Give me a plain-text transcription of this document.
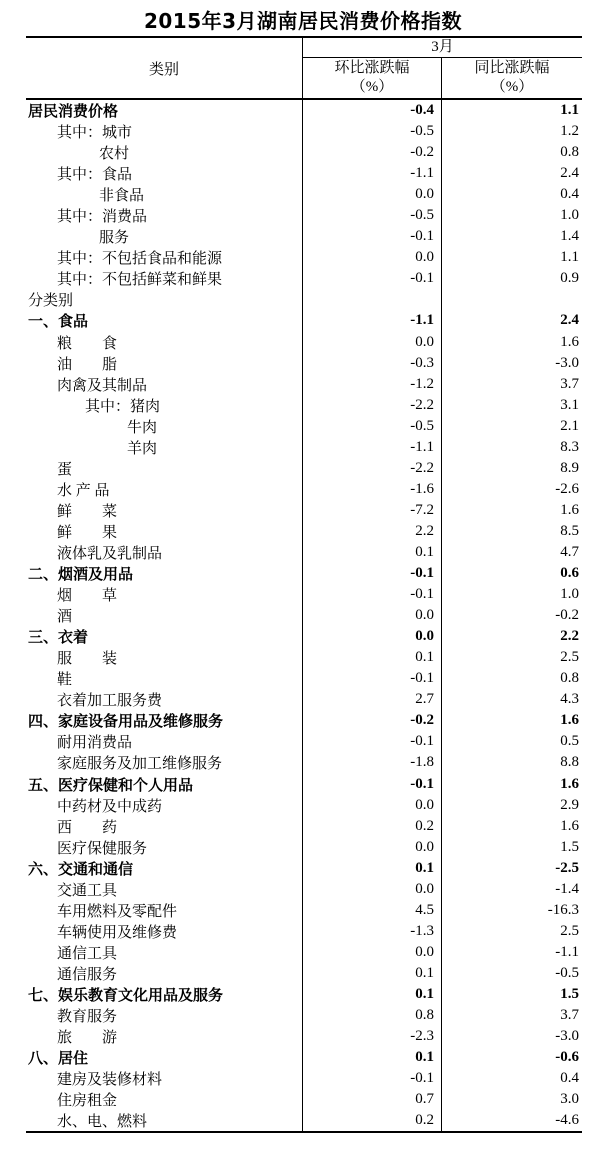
2015年3月湖南居民消费价格指数
类别
3月
环比涨跌幅
（%）
同比涨跌幅
（%）
居民消费价格	-0.4	1.1
其中：城市	-0.5	1.2
农村	-0.2	0.8
其中：食品	-1.1	2.4
非食品	0.0	0.4
其中：消费品	-0.5	1.0
服务	-0.1	1.4
其中：不包括食品和能源	0.0	1.1
其中：不包括鲜菜和鲜果	-0.1	0.9
分类别
一、食品	-1.1	2.4
粮　　食	0.0	1.6
油　　脂	-0.3	-3.0
肉禽及其制品	-1.2	3.7
其中：猪肉	-2.2	3.1
牛肉	-0.5	2.1
羊肉	-1.1	8.3
蛋	-2.2	8.9
水 产 品	-1.6	-2.6
鲜　　菜	-7.2	1.6
鲜　　果	2.2	8.5
液体乳及乳制品	0.1	4.7
二、烟酒及用品	-0.1	0.6
烟　　草	-0.1	1.0
酒	0.0	-0.2
三、衣着	0.0	2.2
服　　装	0.1	2.5
鞋	-0.1	0.8
衣着加工服务费	2.7	4.3
四、家庭设备用品及维修服务	-0.2	1.6
耐用消费品	-0.1	0.5
家庭服务及加工维修服务	-1.8	8.8
五、医疗保健和个人用品	-0.1	1.6
中药材及中成药	0.0	2.9
西　　药	0.2	1.6
医疗保健服务	0.0	1.5
六、交通和通信	0.1	-2.5
交通工具	0.0	-1.4
车用燃料及零配件	4.5	-16.3
车辆使用及维修费	-1.3	2.5
通信工具	0.0	-1.1
通信服务	0.1	-0.5
七、娱乐教育文化用品及服务	0.1	1.5
教育服务	0.8	3.7
旅　　游	-2.3	-3.0
八、居住	0.1	-0.6
建房及装修材料	-0.1	0.4
住房租金	0.7	3.0
水、电、燃料	0.2	-4.6
